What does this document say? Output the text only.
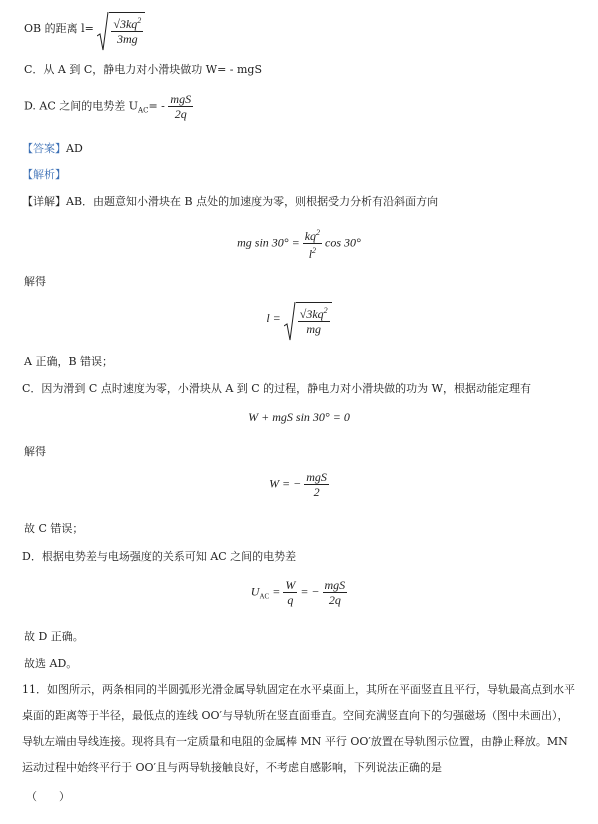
OB 的距离 $l= \frac{√3kq^2}{3mg}$
C．从 A 到 C，静电力对小滑块做功 W= - mgS
D. AC 之间的电势差 $U_{AC}= - \frac{\text{mgS}}{2q}$
【答案】AD
【解析】
【详解】AB．由题意知小滑块在 B 点处的加速度为零，则根据受力分析有沿斜面方向
mg $\sin 30^\circ = \frac{kq^2}{l^2}$ cos 30°
解得
$l = \frac{√3kq^2}{mg}$
A 正确，B 错误；
C．因为滑到 C 点时速度为零，小滑块从 A 到 C 的过程，静电力对小滑块做的功为 W，根据动能定理有
W + mgS sin 30° = 0
解得
W = − $\frac{\text{mgS}}{2}$
故 C 错误；
D．根据电势差与电场强度的关系可知 AC 之间的电势差
$U_{AC} = \frac{W}{q}$ = − $\frac{\text{mgS}}{2q}$
故 D 正确。
故选 AD。
11．如图所示，两条相同的半圆弧形光滑金属导轨固定在水平桌面上，其所在平面竖直且平行，导轨最高点到水平桌面的距离等于半径，最低点的连线 OO′与导轨所在竖直面垂直。空间充满竖直向下的匀强磁场（图中未画出），导轨左端由导线连接。现将具有一定质量和电阻的金属棒 MN 平行 OO′放置在导轨图示位置，由静止释放。MN 运动过程中始终平行于 OO′且与两导轨接触良好，不考虑自感影响，下列说法正确的是
（　　）
